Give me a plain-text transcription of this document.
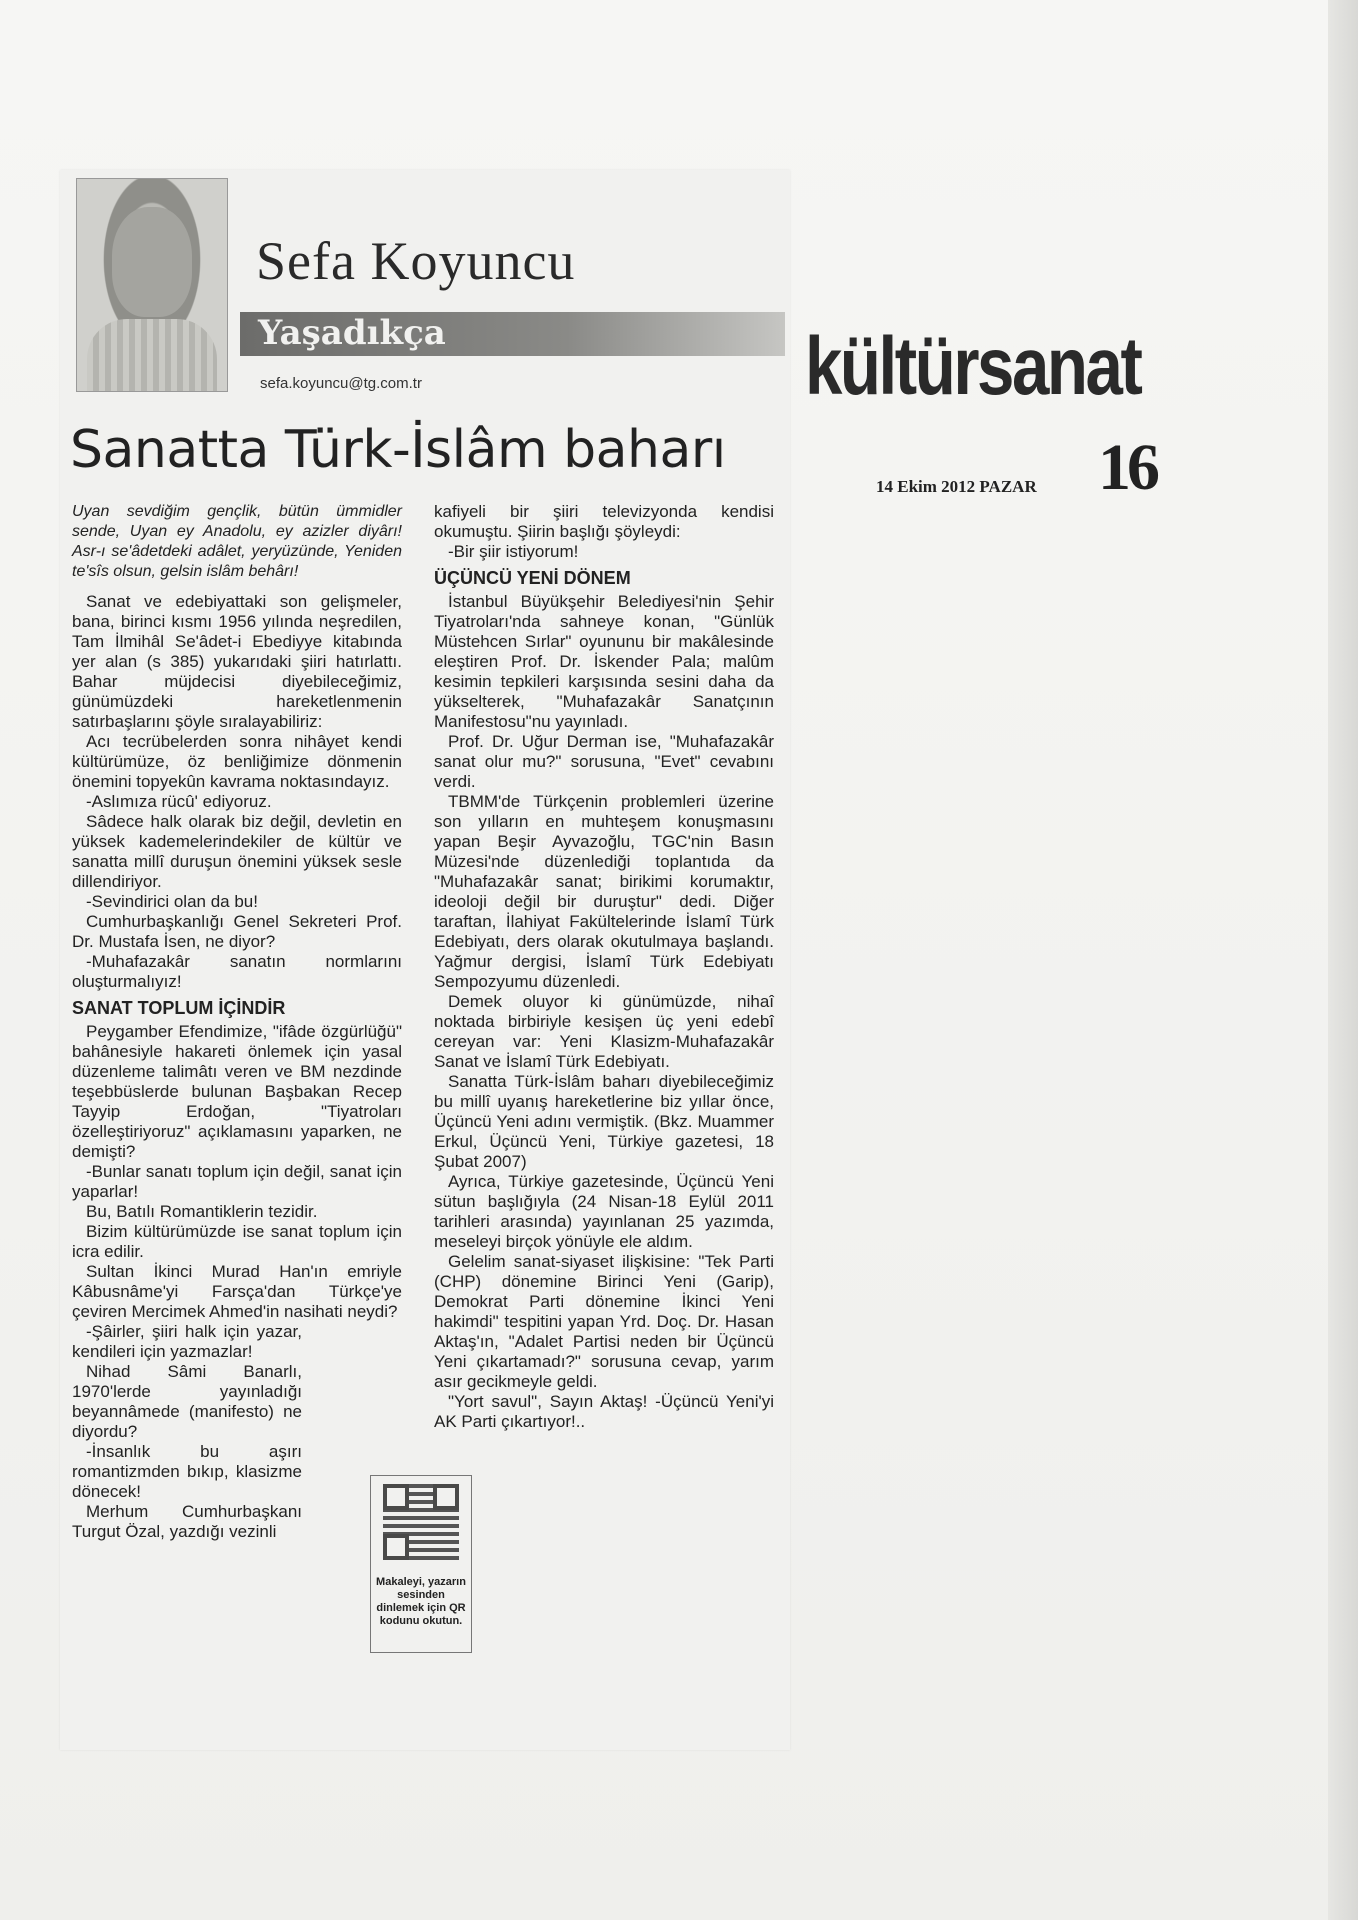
Sefa Koyuncu
Yaşadıkça
sefa.koyuncu@tg.com.tr
Sanatta Türk-İslâm baharı

Uyan sevdiğim gençlik, bütün ümmidler sende, Uyan ey Anadolu, ey azizler diyârı! Asr-ı se'âdetdeki adâlet, yeryüzünde, Yeniden te'sîs olsun, gelsin islâm behârı!

Sanat ve edebiyattaki son gelişmeler, bana, birinci kısmı 1956 yılında neşredilen, Tam İlmihâl Se'âdet-i Ebediyye kitabında yer alan (s 385) yukarıdaki şiiri hatırlattı. Bahar müjdecisi diyebileceğimiz, günümüzdeki hareketlenmenin satırbaşlarını şöyle sıralayabiliriz:

Acı tecrübelerden sonra nihâyet kendi kültürümüze, öz benliğimize dönmenin önemini topyekûn kavrama noktasındayız.

-Aslımıza rücû' ediyoruz.

Sâdece halk olarak biz değil, devletin en yüksek kademelerindekiler de kültür ve sanatta millî duruşun önemini yüksek sesle dillendiriyor.

-Sevindirici olan da bu!

Cumhurbaşkanlığı Genel Sekreteri Prof. Dr. Mustafa İsen, ne diyor?

-Muhafazakâr sanatın normlarını oluşturmalıyız!

SANAT TOPLUM İÇİNDİR

Peygamber Efendimize, "ifâde özgürlüğü" bahânesiyle hakareti önlemek için yasal düzenleme talimâtı veren ve BM nezdinde teşebbüslerde bulunan Başbakan Recep Tayyip Erdoğan, "Tiyatroları özelleştiriyoruz" açıklamasını yaparken, ne demişti?

-Bunlar sanatı toplum için değil, sanat için yaparlar!

Bu, Batılı Romantiklerin tezidir.

Bizim kültürümüzde ise sanat toplum için icra edilir.

Sultan İkinci Murad Han'ın emriyle Kâbusnâme'yi Farsça'dan Türkçe'ye çeviren Mercimek Ahmed'in nasihati neydi?

-Şâirler, şiiri halk için yazar, kendileri için yazmazlar!

Nihad Sâmi Banarlı, 1970'lerde yayınladığı beyannâmede (manifesto) ne diyordu?

-İnsanlık bu aşırı romantizmden bıkıp, klasizme dönecek!

Merhum Cumhurbaşkanı Turgut Özal, yazdığı vezinli

Makaleyi, yazarın sesinden dinlemek için QR kodunu okutun.

kafiyeli bir şiiri televizyonda kendisi okumuştu. Şiirin başlığı şöyleydi:

-Bir şiir istiyorum!

ÜÇÜNCÜ YENİ DÖNEM

İstanbul Büyükşehir Belediyesi'nin Şehir Tiyatroları'nda sahneye konan, "Günlük Müstehcen Sırlar" oyununu bir makâlesinde eleştiren Prof. Dr. İskender Pala; malûm kesimin tepkileri karşısında sesini daha da yükselterek, "Muhafazakâr Sanatçının Manifestosu"nu yayınladı.

Prof. Dr. Uğur Derman ise, "Muhafazakâr sanat olur mu?" sorusuna, "Evet" cevabını verdi.

TBMM'de Türkçenin problemleri üzerine son yılların en muhteşem konuşmasını yapan Beşir Ayvazoğlu, TGC'nin Basın Müzesi'nde düzenlediği toplantıda da "Muhafazakâr sanat; birikimi korumaktır, ideoloji değil bir duruştur" dedi. Diğer taraftan, İlahiyat Fakültelerinde İslamî Türk Edebiyatı, ders olarak okutulmaya başlandı. Yağmur dergisi, İslamî Türk Edebiyatı Sempozyumu düzenledi.

Demek oluyor ki günümüzde, nihaî noktada birbiriyle kesişen üç yeni edebî cereyan var: Yeni Klasizm-Muhafazakâr Sanat ve İslamî Türk Edebiyatı.

Sanatta Türk-İslâm baharı diyebileceğimiz bu millî uyanış hareketlerine biz yıllar önce, Üçüncü Yeni adını vermiştik. (Bkz. Muammer Erkul, Üçüncü Yeni, Türkiye gazetesi, 18 Şubat 2007)

Ayrıca, Türkiye gazetesinde, Üçüncü Yeni sütun başlığıyla (24 Nisan-18 Eylül 2011 tarihleri arasında) yayınlanan 25 yazımda, meseleyi birçok yönüyle ele aldım.

Gelelim sanat-siyaset ilişkisine: "Tek Parti (CHP) dönemine Birinci Yeni (Garip), Demokrat Parti dönemine İkinci Yeni hakimdi" tespitini yapan Yrd. Doç. Dr. Hasan Aktaş'ın, "Adalet Partisi neden bir Üçüncü Yeni çıkartamadı?" sorusuna cevap, yarım asır gecikmeyle geldi.

"Yort savul", Sayın Aktaş! -Üçüncü Yeni'yi AK Parti çıkartıyor!..

kültürsanat
14 Ekim 2012 PAZAR 16
